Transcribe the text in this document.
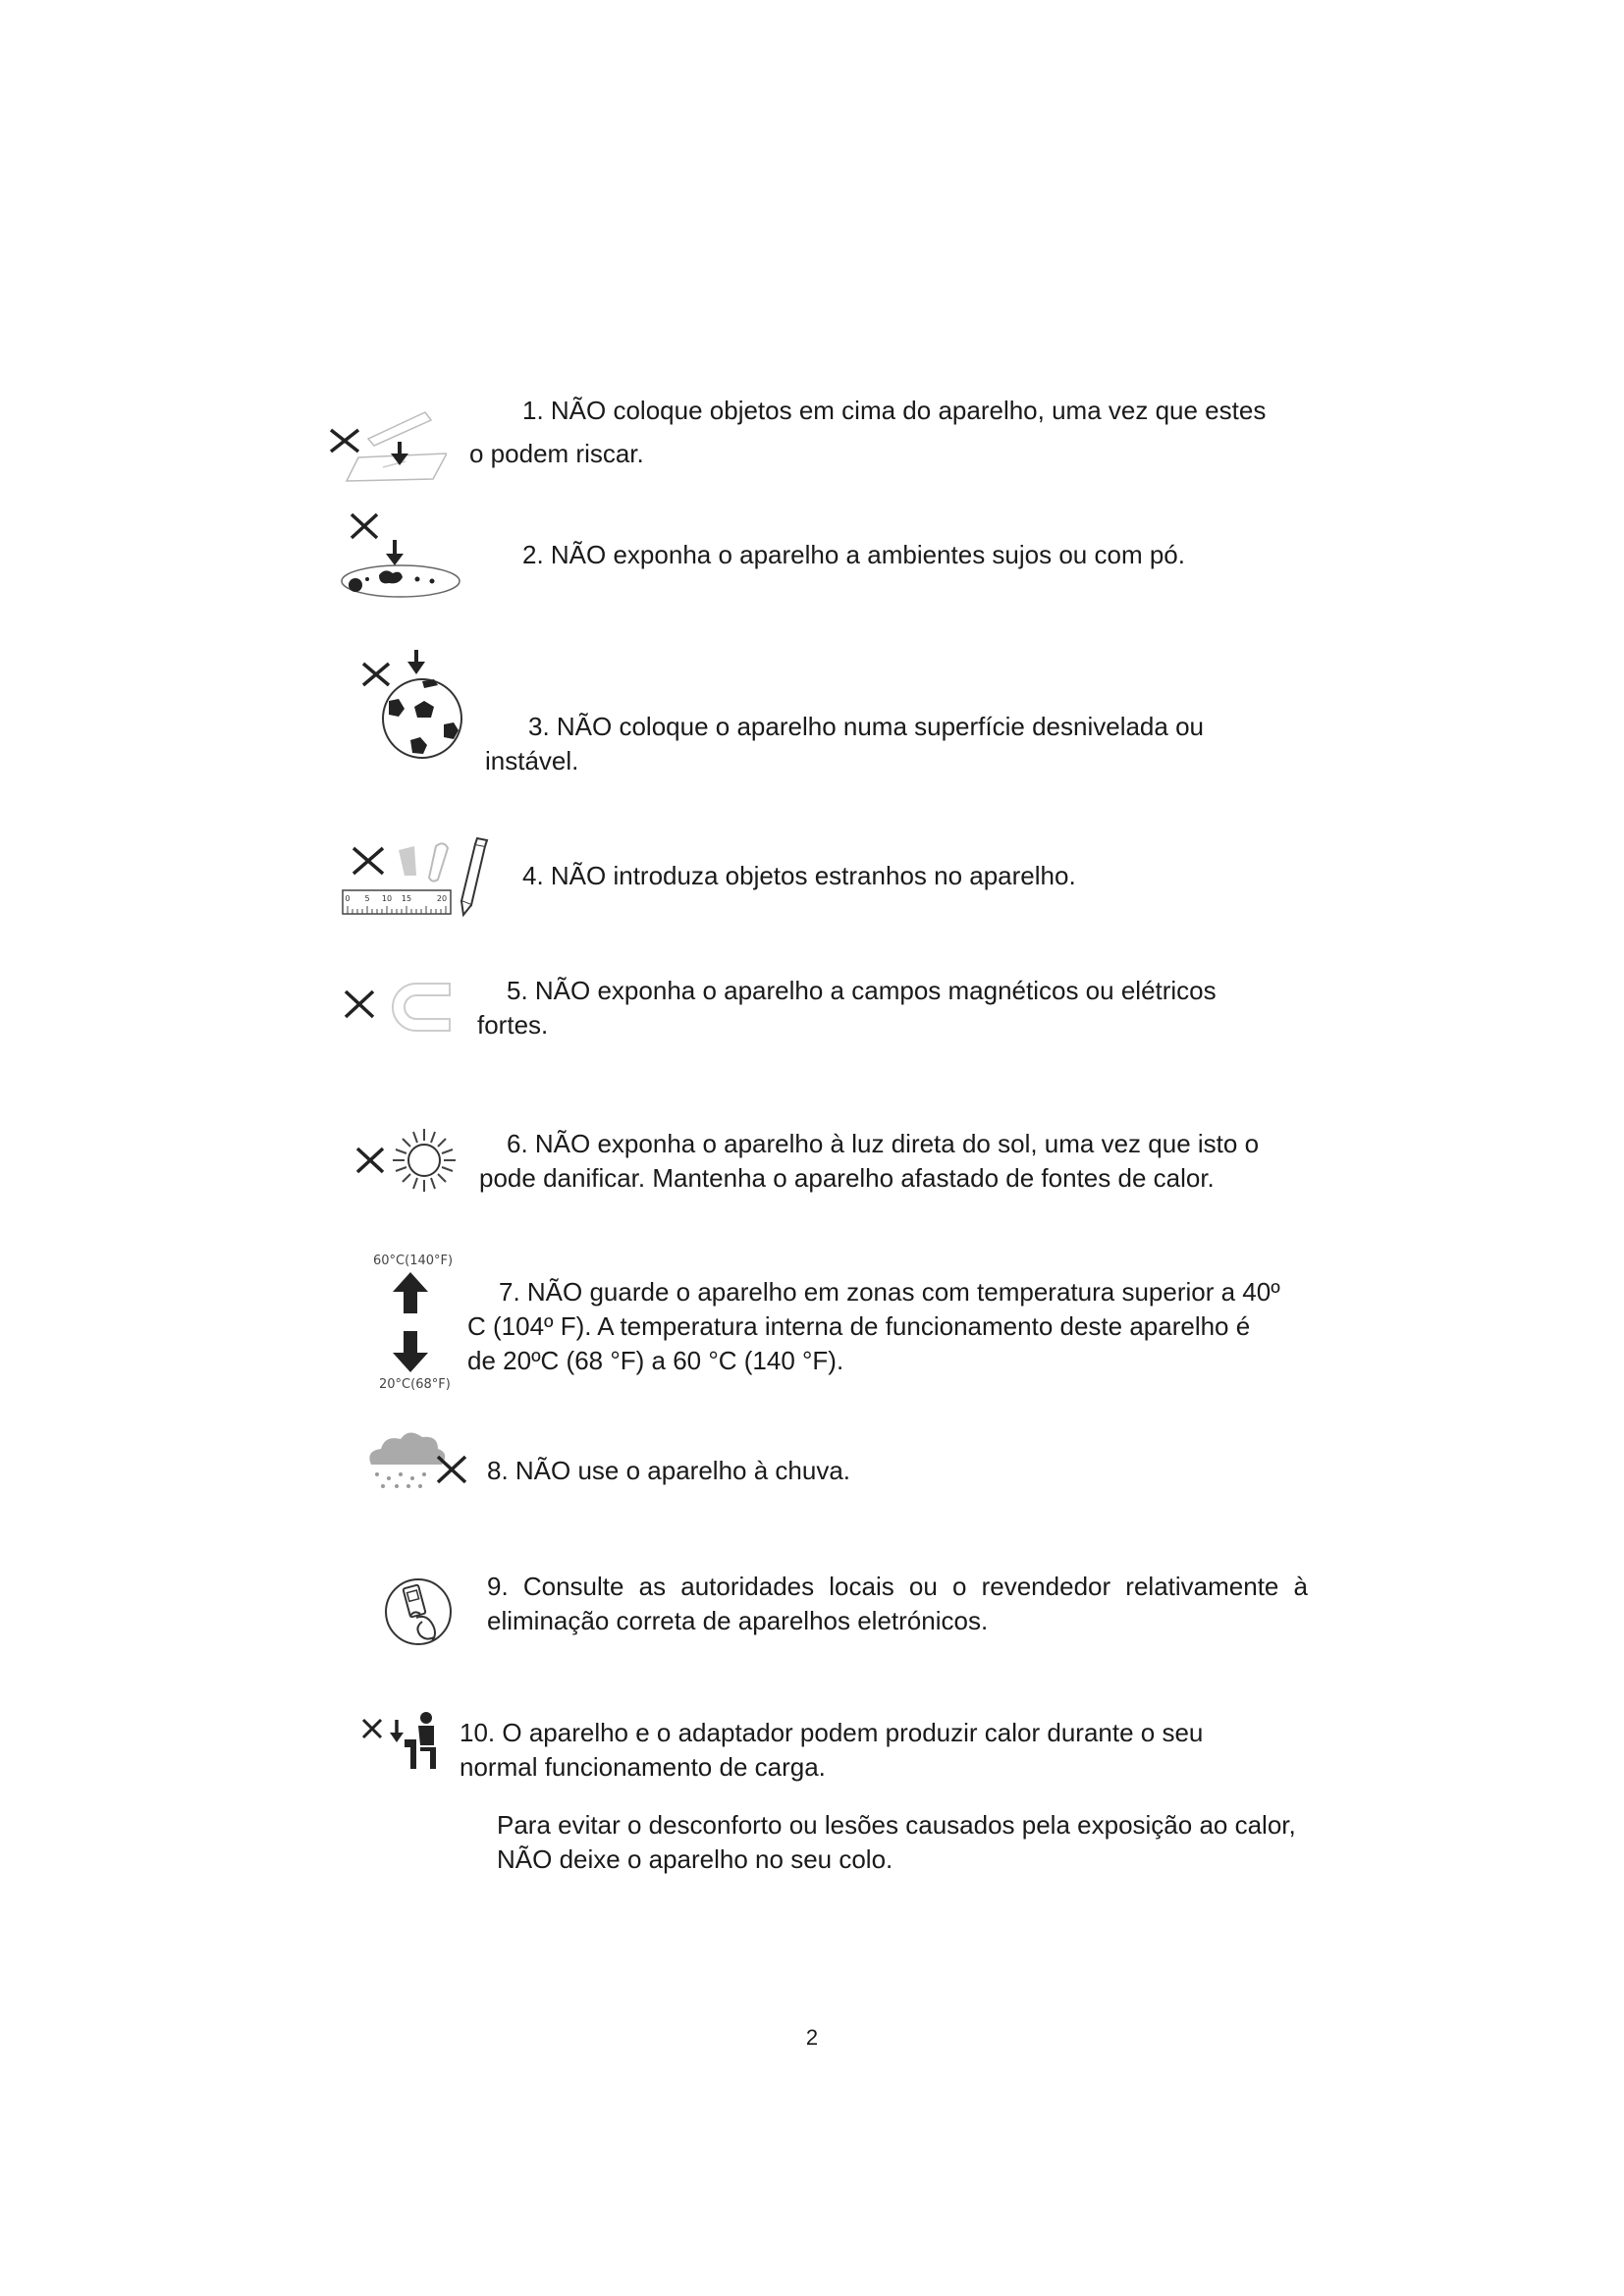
1. NÃO coloque objetos em cima do aparelho, uma vez que estes
o podem riscar.
2. NÃO exponha o aparelho a ambientes sujos ou com pó.
3. NÃO coloque o aparelho numa superfície desnivelada ou
instável.
0 5 10 15	20
4. NÃO introduza objetos estranhos no aparelho.
5. NÃO exponha o aparelho a campos magnéticos ou elétricos
fortes.
6. NÃO exponha o aparelho à luz direta do sol, uma vez que isto o
pode danificar. Mantenha o aparelho afastado de fontes de calor.
60°C(140°F)
20°C(68°F)
7. NÃO guarde o aparelho em zonas com temperatura superior a 40º
C (104º F). A temperatura interna de funcionamento deste aparelho é
de 20ºC (68 °F) a 60 °C (140 °F).
8. NÃO use o aparelho à chuva.
9. Consulte as autoridades locais ou o revendedor relativamente à
eliminação correta de aparelhos eletrónicos.
10. O aparelho e o adaptador podem produzir calor durante o seu
normal funcionamento de carga.
Para evitar o desconforto ou lesões causados pela exposição ao calor,
NÃO deixe o aparelho no seu colo.
2
